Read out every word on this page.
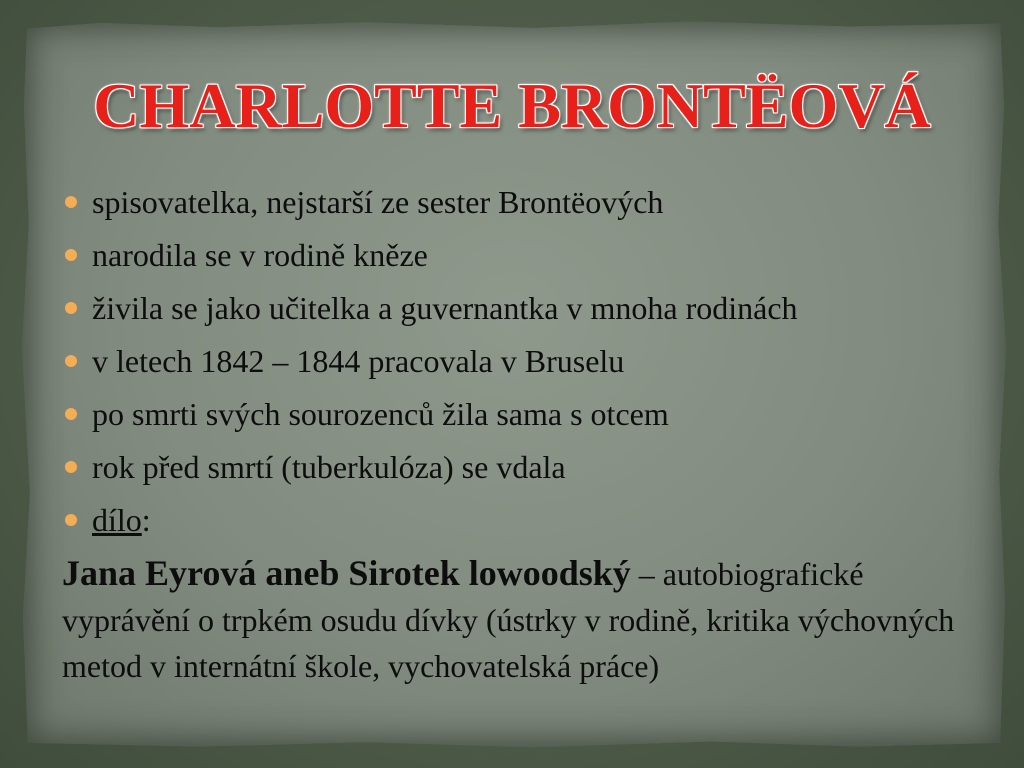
CHARLOTTE BRONTËOVÁ
spisovatelka, nejstarší ze sester Brontëových
narodila se v rodině kněze
živila se jako učitelka a guvernantka v mnoha rodinách
v letech 1842 – 1844 pracovala v Bruselu
po smrti svých sourozenců žila sama s otcem
rok před smrtí (tuberkulóza) se vdala
dílo:
Jana Eyrová aneb Sirotek lowoodský – autobiografické vyprávění o trpkém osudu dívky (ústrky v rodině, kritika výchovných metod v internátní škole, vychovatelská práce)
